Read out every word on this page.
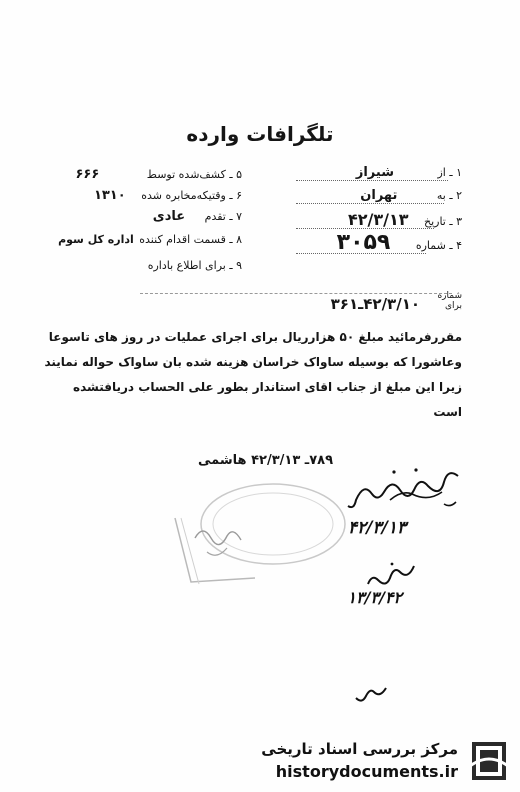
تلگرافات وارده
۱ ـ از شیراز
۲ ـ به تهران
۳ ـ تاریخ ۴۲/۳/۱۳
۴ ـ شماره ۳۰۵۹
۵ ـ کشف‌شده توسط ۶۶۶
۶ ـ وقتیکه‌مخابره شده ۱۳۱۰
۷ ـ تقدم عادی
۸ ـ قسمت اقدام کننده اداره کل سوم
۹ ـ برای اطلاع باداره
شماره
برای
۴۲/۳/۱۰ـ۳۶۱

مقررفرمائید مبلغ ۵۰ هزارریال برای اجرای عملیات در روز های تاسوعا

وعاشورا که بوسیله ساواک خراسان هزینه شده بان ساواک حواله نمایند

زیرا این مبلغ از جناب اقای استاندار بطور علی الحساب دریافتشده

است

۷۸۹ـ ۴۲/۳/۱۳ هاشمی
۴۲/۳/۱۳
۱۳/۳/۴۲
مرکز بررسی اسناد تاریخی
historydocuments.ir
